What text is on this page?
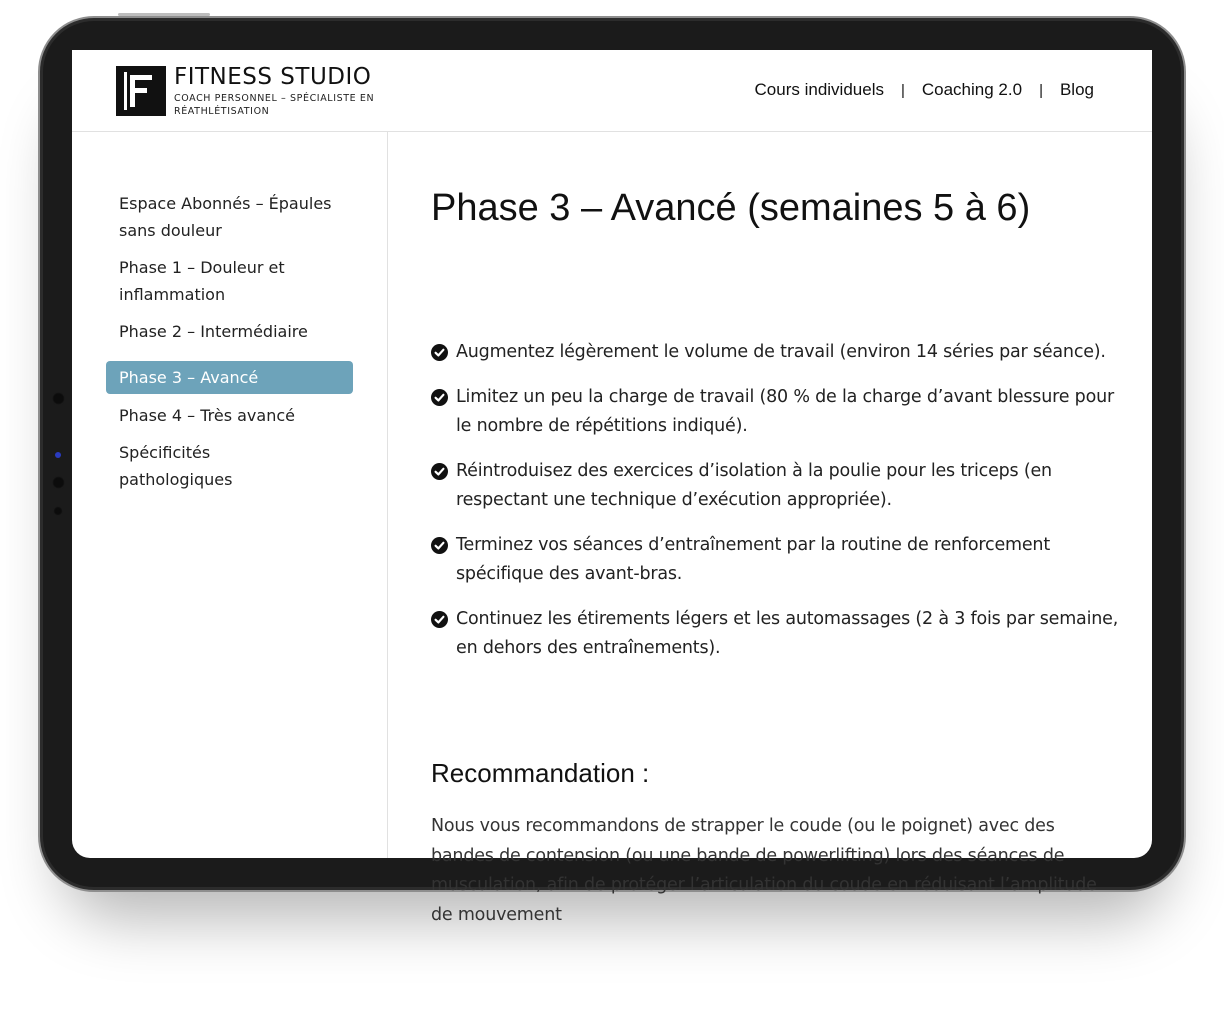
FITNESS STUDIO
COACH PERSONNEL – SPÉCIALISTE EN RÉATHLÉTISATION
Cours individuels | Coaching 2.0 | Blog
Espace Abonnés – Épaules sans douleur
Phase 1 – Douleur et inflammation
Phase 2 – Intermédiaire
Phase 3 – Avancé
Phase 4 – Très avancé
Spécificités pathologiques
Phase 3 – Avancé (semaines 5 à 6)
Augmentez légèrement le volume de travail (environ 14 séries par séance).
Limitez un peu la charge de travail (80 % de la charge d’avant blessure pour le nombre de répétitions indiqué).
Réintroduisez des exercices d’isolation à la poulie pour les triceps (en respectant une technique d’exécution appropriée).
Terminez vos séances d’entraînement par la routine de renforcement spécifique des avant-bras.
Continuez les étirements légers et les automassages (2 à 3 fois par semaine, en dehors des entraînements).
Recommandation :

Nous vous recommandons de strapper le coude (ou le poignet) avec des bandes de contension (ou une bande de powerlifting) lors des séances de musculation, afin de protéger l’articulation du coude en réduisant l’amplitude de mouvement
